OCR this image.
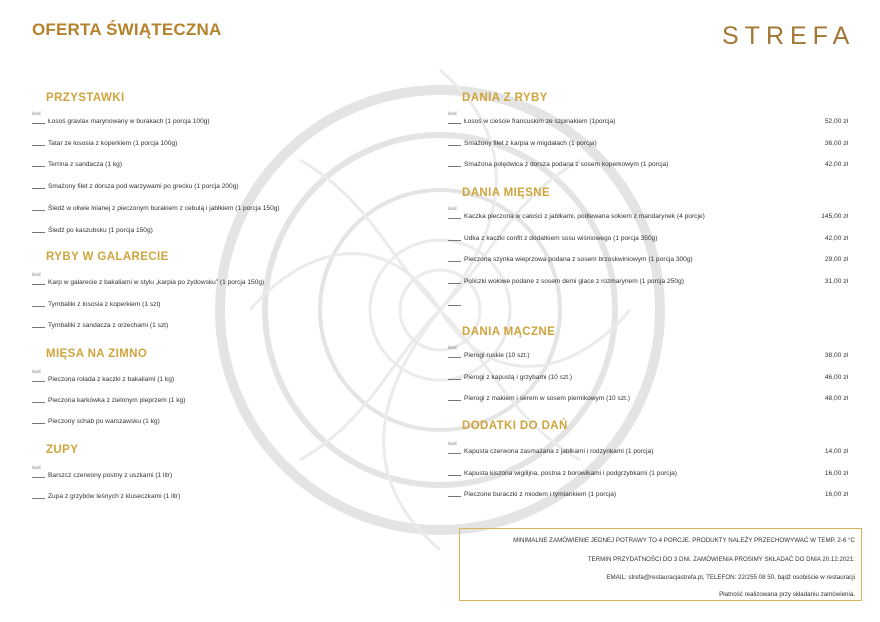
OFERTA ŚWIĄTECZNA	STREFA
PRZYSTAWKI
ilość
Łosoś gravlax marynowany w burakach (1 porcja 100g)
Tatar ze łososia z koperkiem (1 porcja 100g)
Terrina z sandacza (1 kg)
Smażony filet z dorsza pod warzywami po grecku (1 porcja 200g)
Śledź w oliwie lnianej z pieczonym burakiem z cebulą i jabłkiem (1 porcja 150g)
Śledź po kaszubsku (1 porcja 150g)
RYBY W GALARECIE
ilość
Karp w galarecie z bakaliami w stylu „karpia po żydowsku” (1 porcja 150g)
Tymbaliki z łososia z koperkiem (1 szt)
Tymbaliki z sandacza z orzechami (1 szt)
MIĘSA NA ZIMNO
ilość
Pieczona rolada z kaczki z bakaliami (1 kg)
Pieczona karkówka z zielonym pieprzem (1 kg)
Pieczony schab po warszawsku (1 kg)
ZUPY
ilość
Barszcz czerwony postny z uszkami (1 litr)
Zupa z grzybów leśnych z kluseczkami (1 litr)
DANIA Z RYBY
ilość
Łosoś w cieście francuskim ze szpinakiem (1porcja)	52,00 zł
Smażony filet z karpia w migdałach (1 porcja)	36,00 zł
Smażona polędwica z dorsza podana z sosem koperkowym (1 porcja)	42,00 zł
DANIA MIĘSNE
ilość
Kaczka pieczona w całości z jabłkami, podlewana sokiem z mandarynek (4 porcje)	145,00 zł
Udka z kaczki confit z dodatkiem sosu wiśniowego (1 porcja 350g)	42,00 zł
Pieczona szynka wieprzowa podana z sosem brzoskwiniowym (1 porcja 300g)	29,00 zł
Policzki wołowe podane z sosem demi glace z rozmarynem (1 porcja 250g)	31,00 zł
DANIA MĄCZNE
ilość
Pierogi ruskie (10 szt.)	38,00 zł
Pierogi z kapustą i grzybami (10 szt.)	46,00 zł
Pierogi z makiem i serem w sosem piernikowym (10 szt.)	48,00 zł
DODATKI DO DAŃ
ilość
Kapusta czerwona zasmażana z jabłkami i rodzynkami (1 porcja)	14,00 zł
Kapusta kiszona wigilijna, postna z borowikami i podgrzybkami (1 porcja)	16,00 zł
Pieczone buraczki z miodem i tymiankiem (1 porcja)	16,00 zł
MINIMALNE ZAMÓWIENIE JEDNEJ POTRAWY TO 4 PORCJE. PRODUKTY NALEŻY PRZECHOWYWAĆ W TEMP. 2-6 °C
TERMIN PRZYDATNOŚCI DO 3 DNI. ZAMÓWIENIA PROSIMY SKŁADAĆ DO DNIA 20.12.2021:
EMAIL: strefa@restauracjastrefa.pl, TELEFON: 22/255 08 50, bądź osobiście w restauracji
Płatność realizowana przy składaniu zamówienia.
